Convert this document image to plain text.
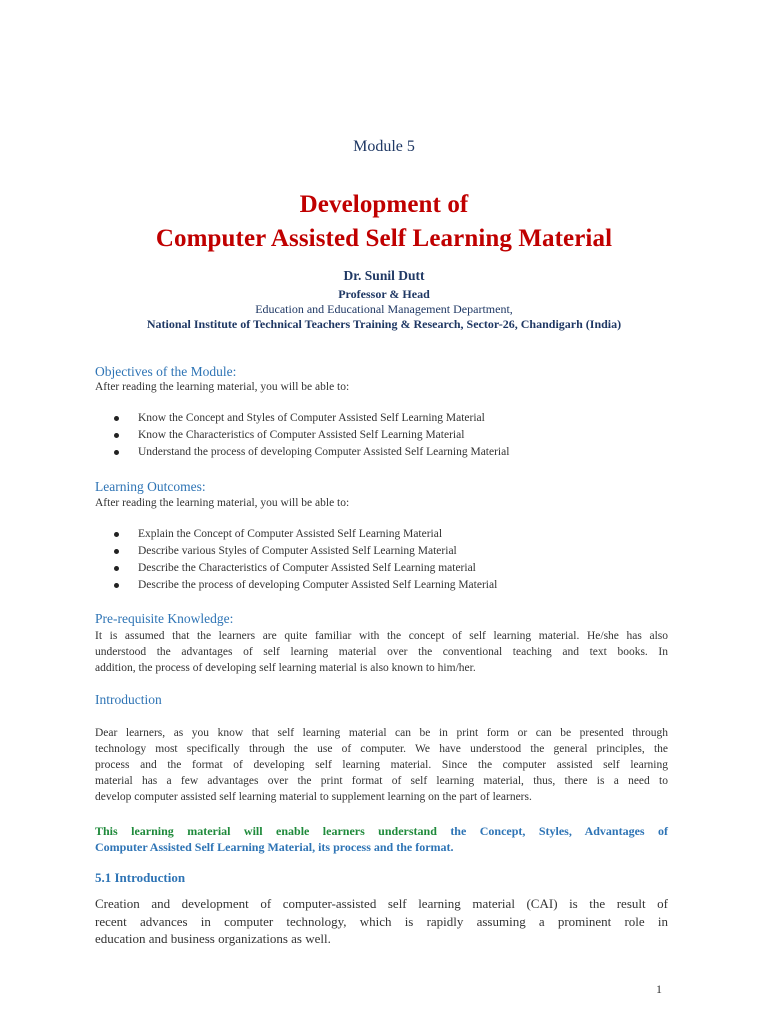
Module 5
Development of
Computer Assisted Self Learning Material
Dr. Sunil Dutt
Professor & Head
Education and Educational Management Department,
National Institute of Technical Teachers Training & Research, Sector-26, Chandigarh (India)
Objectives of the Module:
After reading the learning material, you will be able to:
Know the Concept and Styles of Computer Assisted Self Learning Material
Know the Characteristics of Computer Assisted Self Learning Material
Understand the process of developing Computer Assisted Self Learning Material
Learning Outcomes:
After reading the learning material, you will be able to:
Explain the Concept of Computer Assisted Self Learning Material
Describe various Styles of Computer Assisted Self Learning Material
Describe the Characteristics of Computer Assisted Self Learning material
Describe the process of developing Computer Assisted Self Learning Material
Pre-requisite Knowledge:
It is assumed that the learners are quite familiar with the concept of self learning material. He/she has also
understood the advantages of self learning material over the conventional teaching and text books. In
addition, the process of developing self learning material is also known to him/her.
Introduction
Dear learners, as you know that self learning material can be in print form or can be presented through
technology most specifically through the use of computer. We have understood the general principles, the
process and the format of developing self learning material. Since the computer assisted self learning
material has a few advantages over the print format of self learning material, thus, there is a need to
develop computer assisted self learning material to supplement learning on the part of learners.
This learning material will enable learners understand the Concept, Styles, Advantages of
Computer Assisted Self Learning Material, its process and the format.
5.1 Introduction
Creation and development of computer-assisted self learning material (CAI) is the result of
recent advances in computer technology, which is rapidly assuming a prominent role in
education and business organizations as well.
1
